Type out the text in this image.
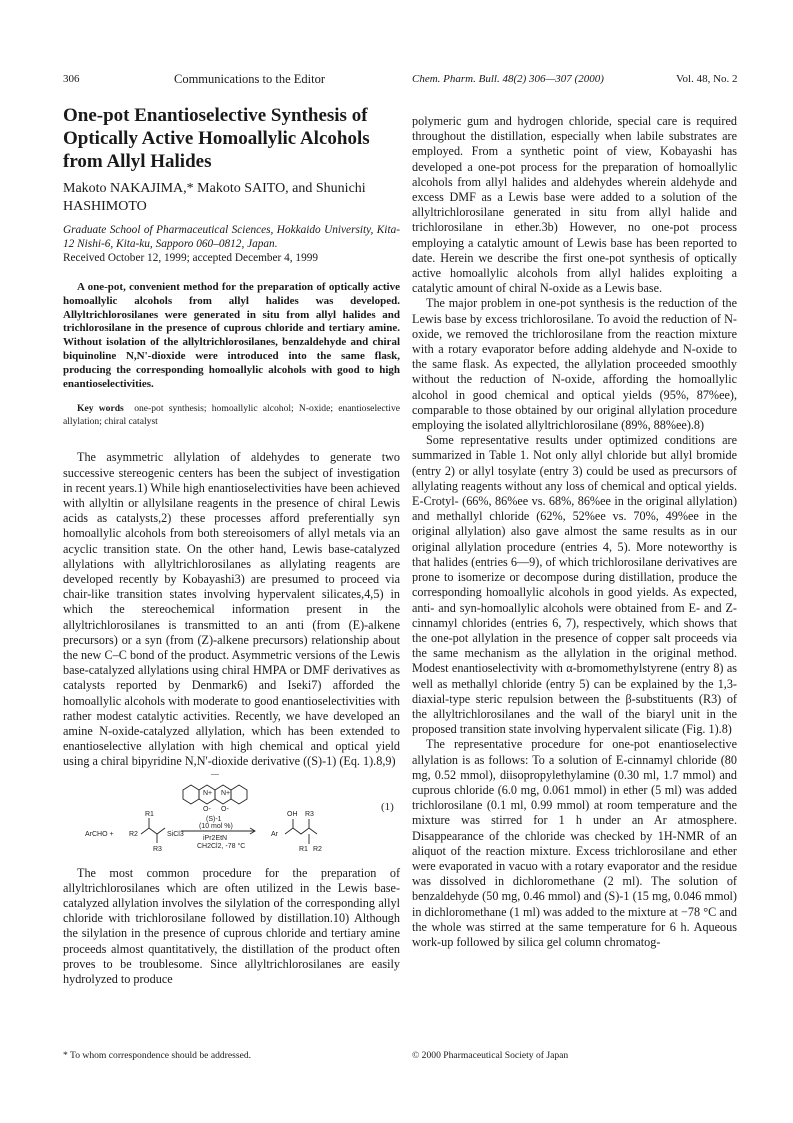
306	Communications to the Editor	Chem. Pharm. Bull. 48(2) 306—307 (2000)	Vol. 48, No. 2
One-pot Enantioselective Synthesis of Optically Active Homoallylic Alcohols from Allyl Halides
Makoto NAKAJIMA,* Makoto SAITO, and Shunichi HASHIMOTO

Graduate School of Pharmaceutical Sciences, Hokkaido University, Kita-12 Nishi-6, Kita-ku, Sapporo 060–0812, Japan.

Received October 12, 1999; accepted December 4, 1999

A one-pot, convenient method for the preparation of optically active homoallylic alcohols from allyl halides was developed. Allyltrichlorosilanes were generated in situ from allyl halides and trichlorosilane in the presence of cuprous chloride and tertiary amine. Without isolation of the allyltrichlorosilanes, benzaldehyde and chiral biquinoline N,N'-dioxide were introduced into the same flask, producing the corresponding homoallylic alcohols with good to high enantioselectivities.

Key words one-pot synthesis; homoallylic alcohol; N-oxide; enantioselective allylation; chiral catalyst

The asymmetric allylation of aldehydes to generate two successive stereogenic centers has been the subject of investigation in recent years.1) While high enantioselectivities have been achieved with allyltin or allylsilane reagents in the presence of chiral Lewis acids as catalysts,2) these processes afford preferentially syn homoallylic alcohols from both stereoisomers of allyl metals via an acyclic transition state. On the other hand, Lewis base-catalyzed allylations with allyltrichlorosilanes as allylating reagents are developed recently by Kobayashi3) are presumed to proceed via chair-like transition states involving hypervalent silicates,4,5) in which the stereochemical information present in the allyltrichlorosilanes is transmitted to an anti (from (E)-alkene precursors) or a syn (from (Z)-alkene precursors) relationship about the new C–C bond of the product. Asymmetric versions of the Lewis base-catalyzed allylations using chiral HMPA or DMF derivatives as catalysts reported by Denmark6) and Iseki7) afforded the homoallylic alcohols with moderate to good enantioselectivities with rather modest catalytic activities. Recently, we have developed an amine N-oxide-catalyzed allylation, which has been extended to enantioselective allylation with high chemical and optical yield using a chiral bipyridine N,N'-dioxide derivative ((S)-1) (Eq. 1).8,9)

N+ N+
O- O-
(S)-1
(10 mol %)
iPr2EtN
CH2Cl2, -78 °C
ArCHO +
R1
R2
R3
SiCl3
OH R3
Ar
R1 R2
(1)

The most common procedure for the preparation of allyltrichlorosilanes which are often utilized in the Lewis base-catalyzed allylation involves the silylation of the corresponding allyl chloride with trichlorosilane followed by distillation.10) Although the silylation in the presence of cuprous chloride and tertiary amine proceeds almost quantitatively, the distillation of the product often proves to be troublesome. Since allyltrichlorosilanes are easily hydrolyzed to produce

polymeric gum and hydrogen chloride, special care is required throughout the distillation, especially when labile substrates are employed. From a synthetic point of view, Kobayashi has developed a one-pot process for the preparation of homoallylic alcohols from allyl halides and aldehydes wherein aldehyde and excess DMF as a Lewis base were added to a solution of the allyltrichlorosilane generated in situ from allyl halide and trichlorosilane in ether.3b) However, no one-pot process employing a catalytic amount of Lewis base has been reported to date. Herein we describe the first one-pot synthesis of optically active homoallylic alcohols from allyl halides exploiting a catalytic amount of chiral N-oxide as a Lewis base.

The major problem in one-pot synthesis is the reduction of the Lewis base by excess trichlorosilane. To avoid the reduction of N-oxide, we removed the trichlorosilane from the reaction mixture with a rotary evaporator before adding aldehyde and N-oxide to the same flask. As expected, the allylation proceeded smoothly without the reduction of N-oxide, affording the homoallylic alcohol in good chemical and optical yields (95%, 87%ee), comparable to those obtained by our original allylation procedure employing the isolated allyltrichlorosilane (89%, 88%ee).8)

Some representative results under optimized conditions are summarized in Table 1. Not only allyl chloride but allyl bromide (entry 2) or allyl tosylate (entry 3) could be used as precursors of allylating reagents without any loss of chemical and optical yields. E-Crotyl- (66%, 86%ee vs. 68%, 86%ee in the original allylation) and methallyl chloride (62%, 52%ee vs. 70%, 49%ee in the original allylation) also gave almost the same results as in our original allylation procedure (entries 4, 5). More noteworthy is that halides (entries 6—9), of which trichlorosilane derivatives are prone to isomerize or decompose during distillation, produce the corresponding homoallylic alcohols in good yields. As expected, anti- and syn-homoallylic alcohols were obtained from E- and Z-cinnamyl chlorides (entries 6, 7), respectively, which shows that the one-pot allylation in the presence of copper salt proceeds via the same mechanism as the allylation in the original method. Modest enantioselectivity with α-bromomethylstyrene (entry 8) as well as methallyl chloride (entry 5) can be explained by the 1,3-diaxial-type steric repulsion between the β-substituents (R3) of the allyltrichlorosilanes and the wall of the biaryl unit in the proposed transition state involving hypervalent silicate (Fig. 1).8)

The representative procedure for one-pot enantioselective allylation is as follows: To a solution of E-cinnamyl chloride (80 mg, 0.52 mmol), diisopropylethylamine (0.30 ml, 1.7 mmol) and cuprous chloride (6.0 mg, 0.061 mmol) in ether (5 ml) was added trichlorosilane (0.1 ml, 0.99 mmol) at room temperature and the mixture was stirred for 1 h under an Ar atmosphere. Disappearance of the chloride was checked by 1H-NMR of an aliquot of the reaction mixture. Excess trichlorosilane and ether were evaporated in vacuo with a rotary evaporator and the residue was dissolved in dichloromethane (2 ml). The solution of benzaldehyde (50 mg, 0.46 mmol) and (S)-1 (15 mg, 0.046 mmol) in dichloromethane (1 ml) was added to the mixture at −78 °C and the whole was stirred at the same temperature for 6 h. Aqueous work-up followed by silica gel column chromatog-

* To whom correspondence should be addressed.	© 2000 Pharmaceutical Society of Japan
